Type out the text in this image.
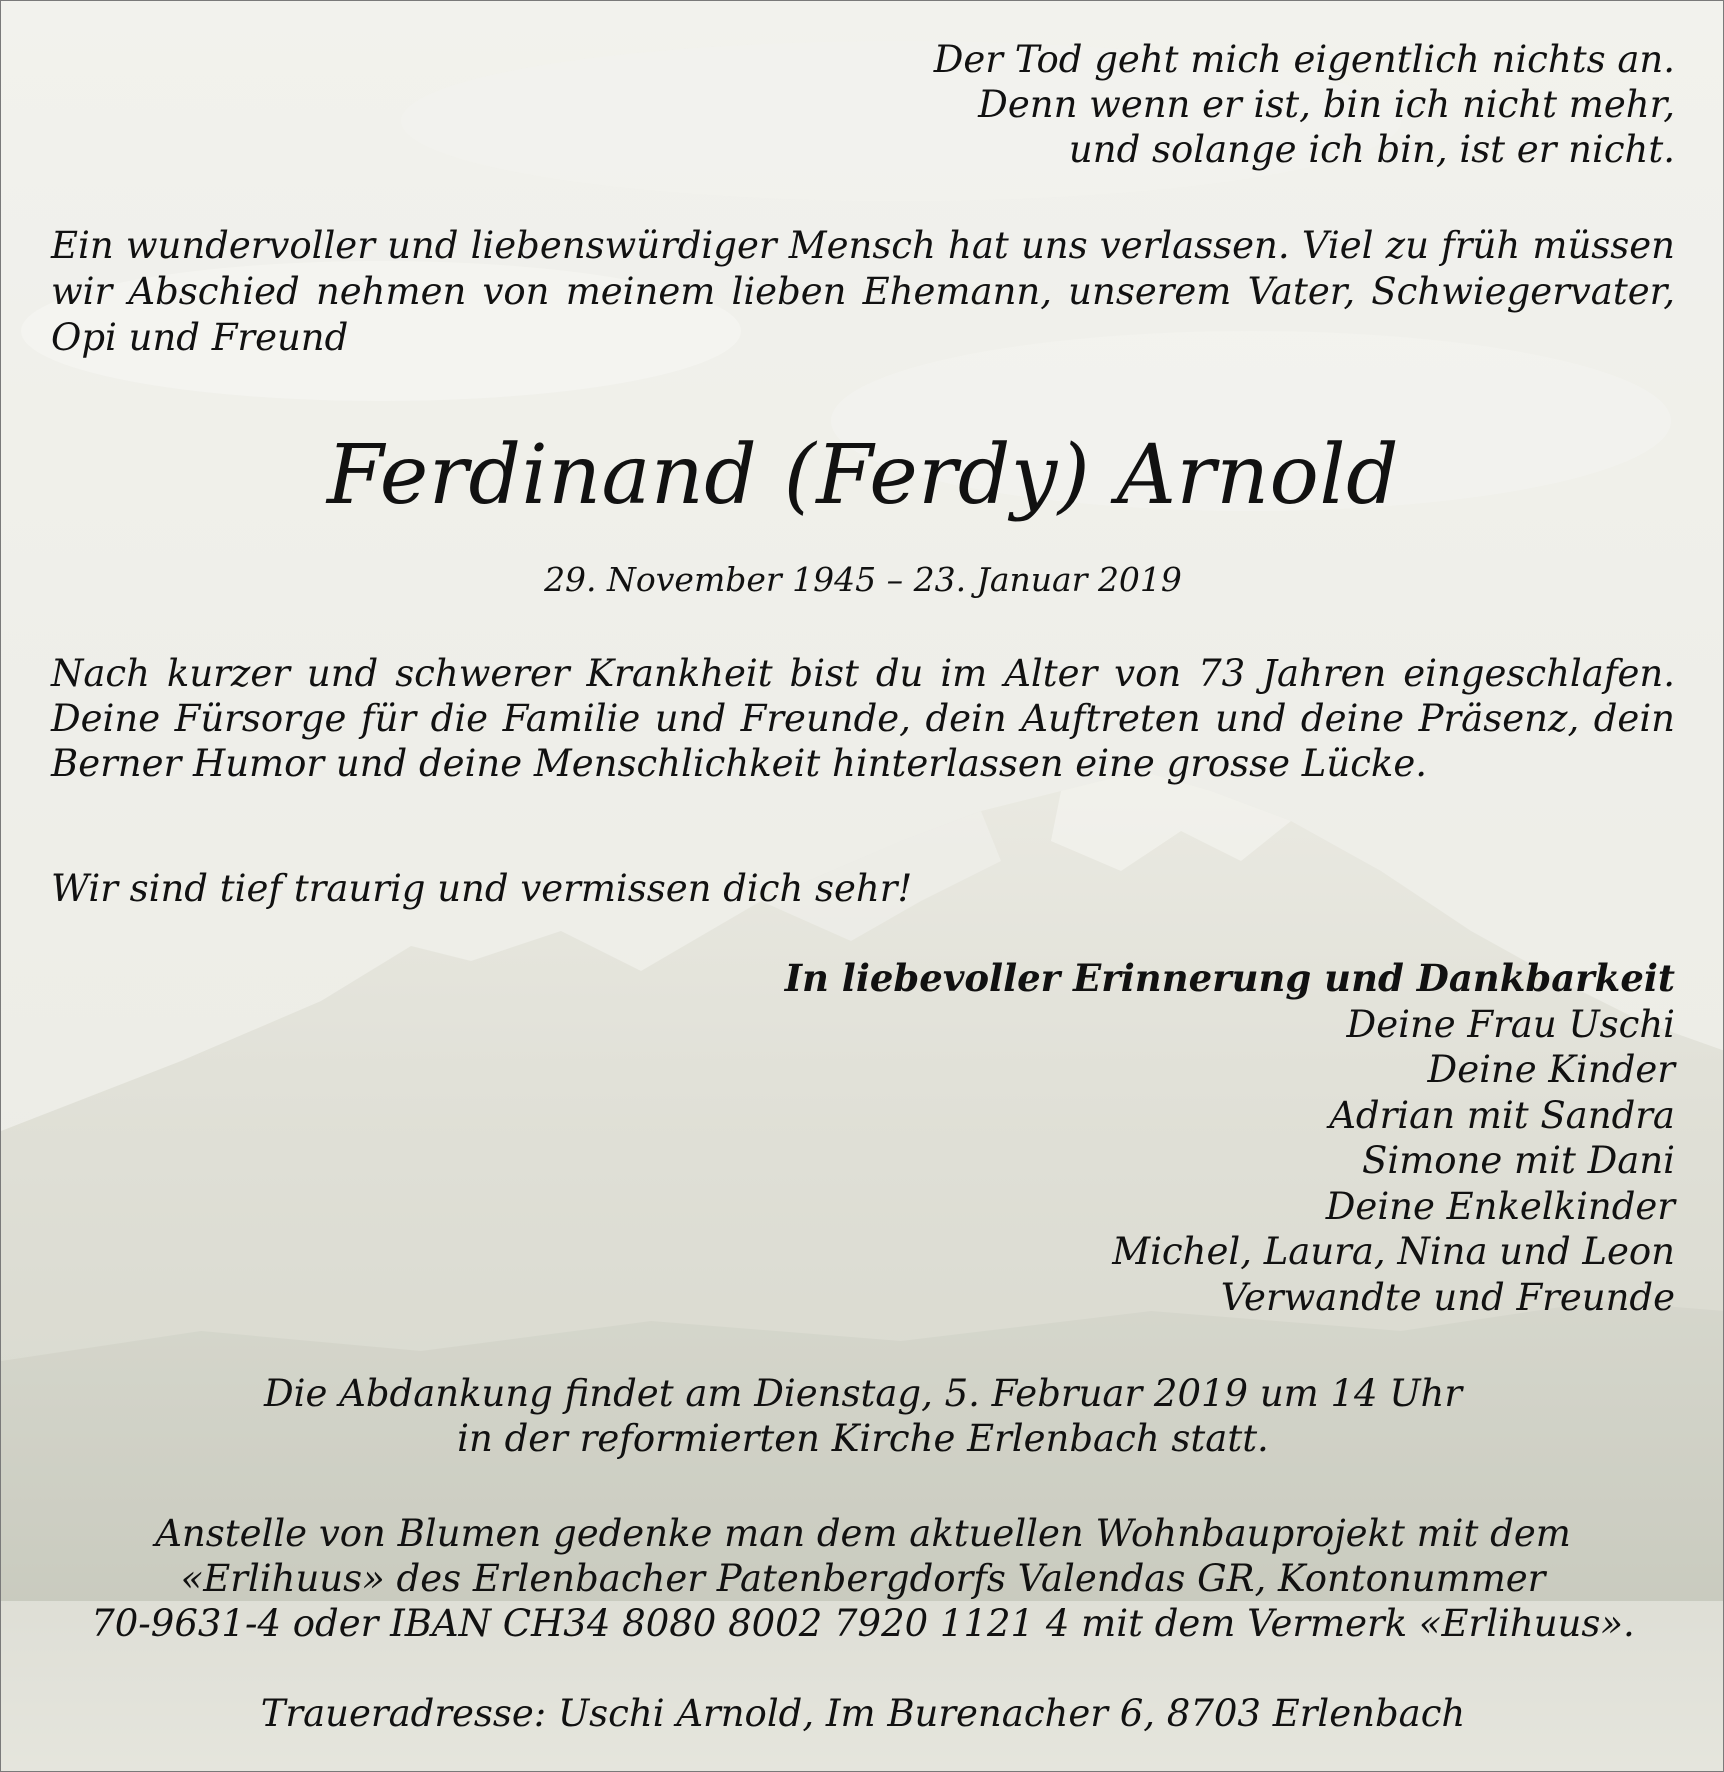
Der Tod geht mich eigentlich nichts an.
Denn wenn er ist, bin ich nicht mehr,
und solange ich bin, ist er nicht.

Ein wundervoller und liebenswürdiger Mensch hat uns verlassen. Viel zu früh müssen wir Abschied nehmen von meinem lieben Ehemann, unserem Vater, Schwiegervater, Opi und Freund

Ferdinand (Ferdy) Arnold
29. November 1945 – 23. Januar 2019

Nach kurzer und schwerer Krankheit bist du im Alter von 73 Jahren eingeschlafen. Deine Fürsorge für die Familie und Freunde, dein Auftreten und deine Präsenz, dein Berner Humor und deine Menschlichkeit hinterlassen eine grosse Lücke.

Wir sind tief traurig und vermissen dich sehr!

In liebevoller Erinnerung und Dankbarkeit
Deine Frau Uschi
Deine Kinder
Adrian mit Sandra
Simone mit Dani
Deine Enkelkinder
Michel, Laura, Nina und Leon
Verwandte und Freunde
Die Abdankung findet am Dienstag, 5. Februar 2019 um 14 Uhr
in der reformierten Kirche Erlenbach statt.
Anstelle von Blumen gedenke man dem aktuellen Wohnbauprojekt mit dem
«Erlihuus» des Erlenbacher Patenbergdorfs Valendas GR, Kontonummer
70-9631-4 oder IBAN CH34 8080 8002 7920 1121 4 mit dem Vermerk «Erlihuus».
Traueradresse: Uschi Arnold, Im Burenacher 6, 8703 Erlenbach
